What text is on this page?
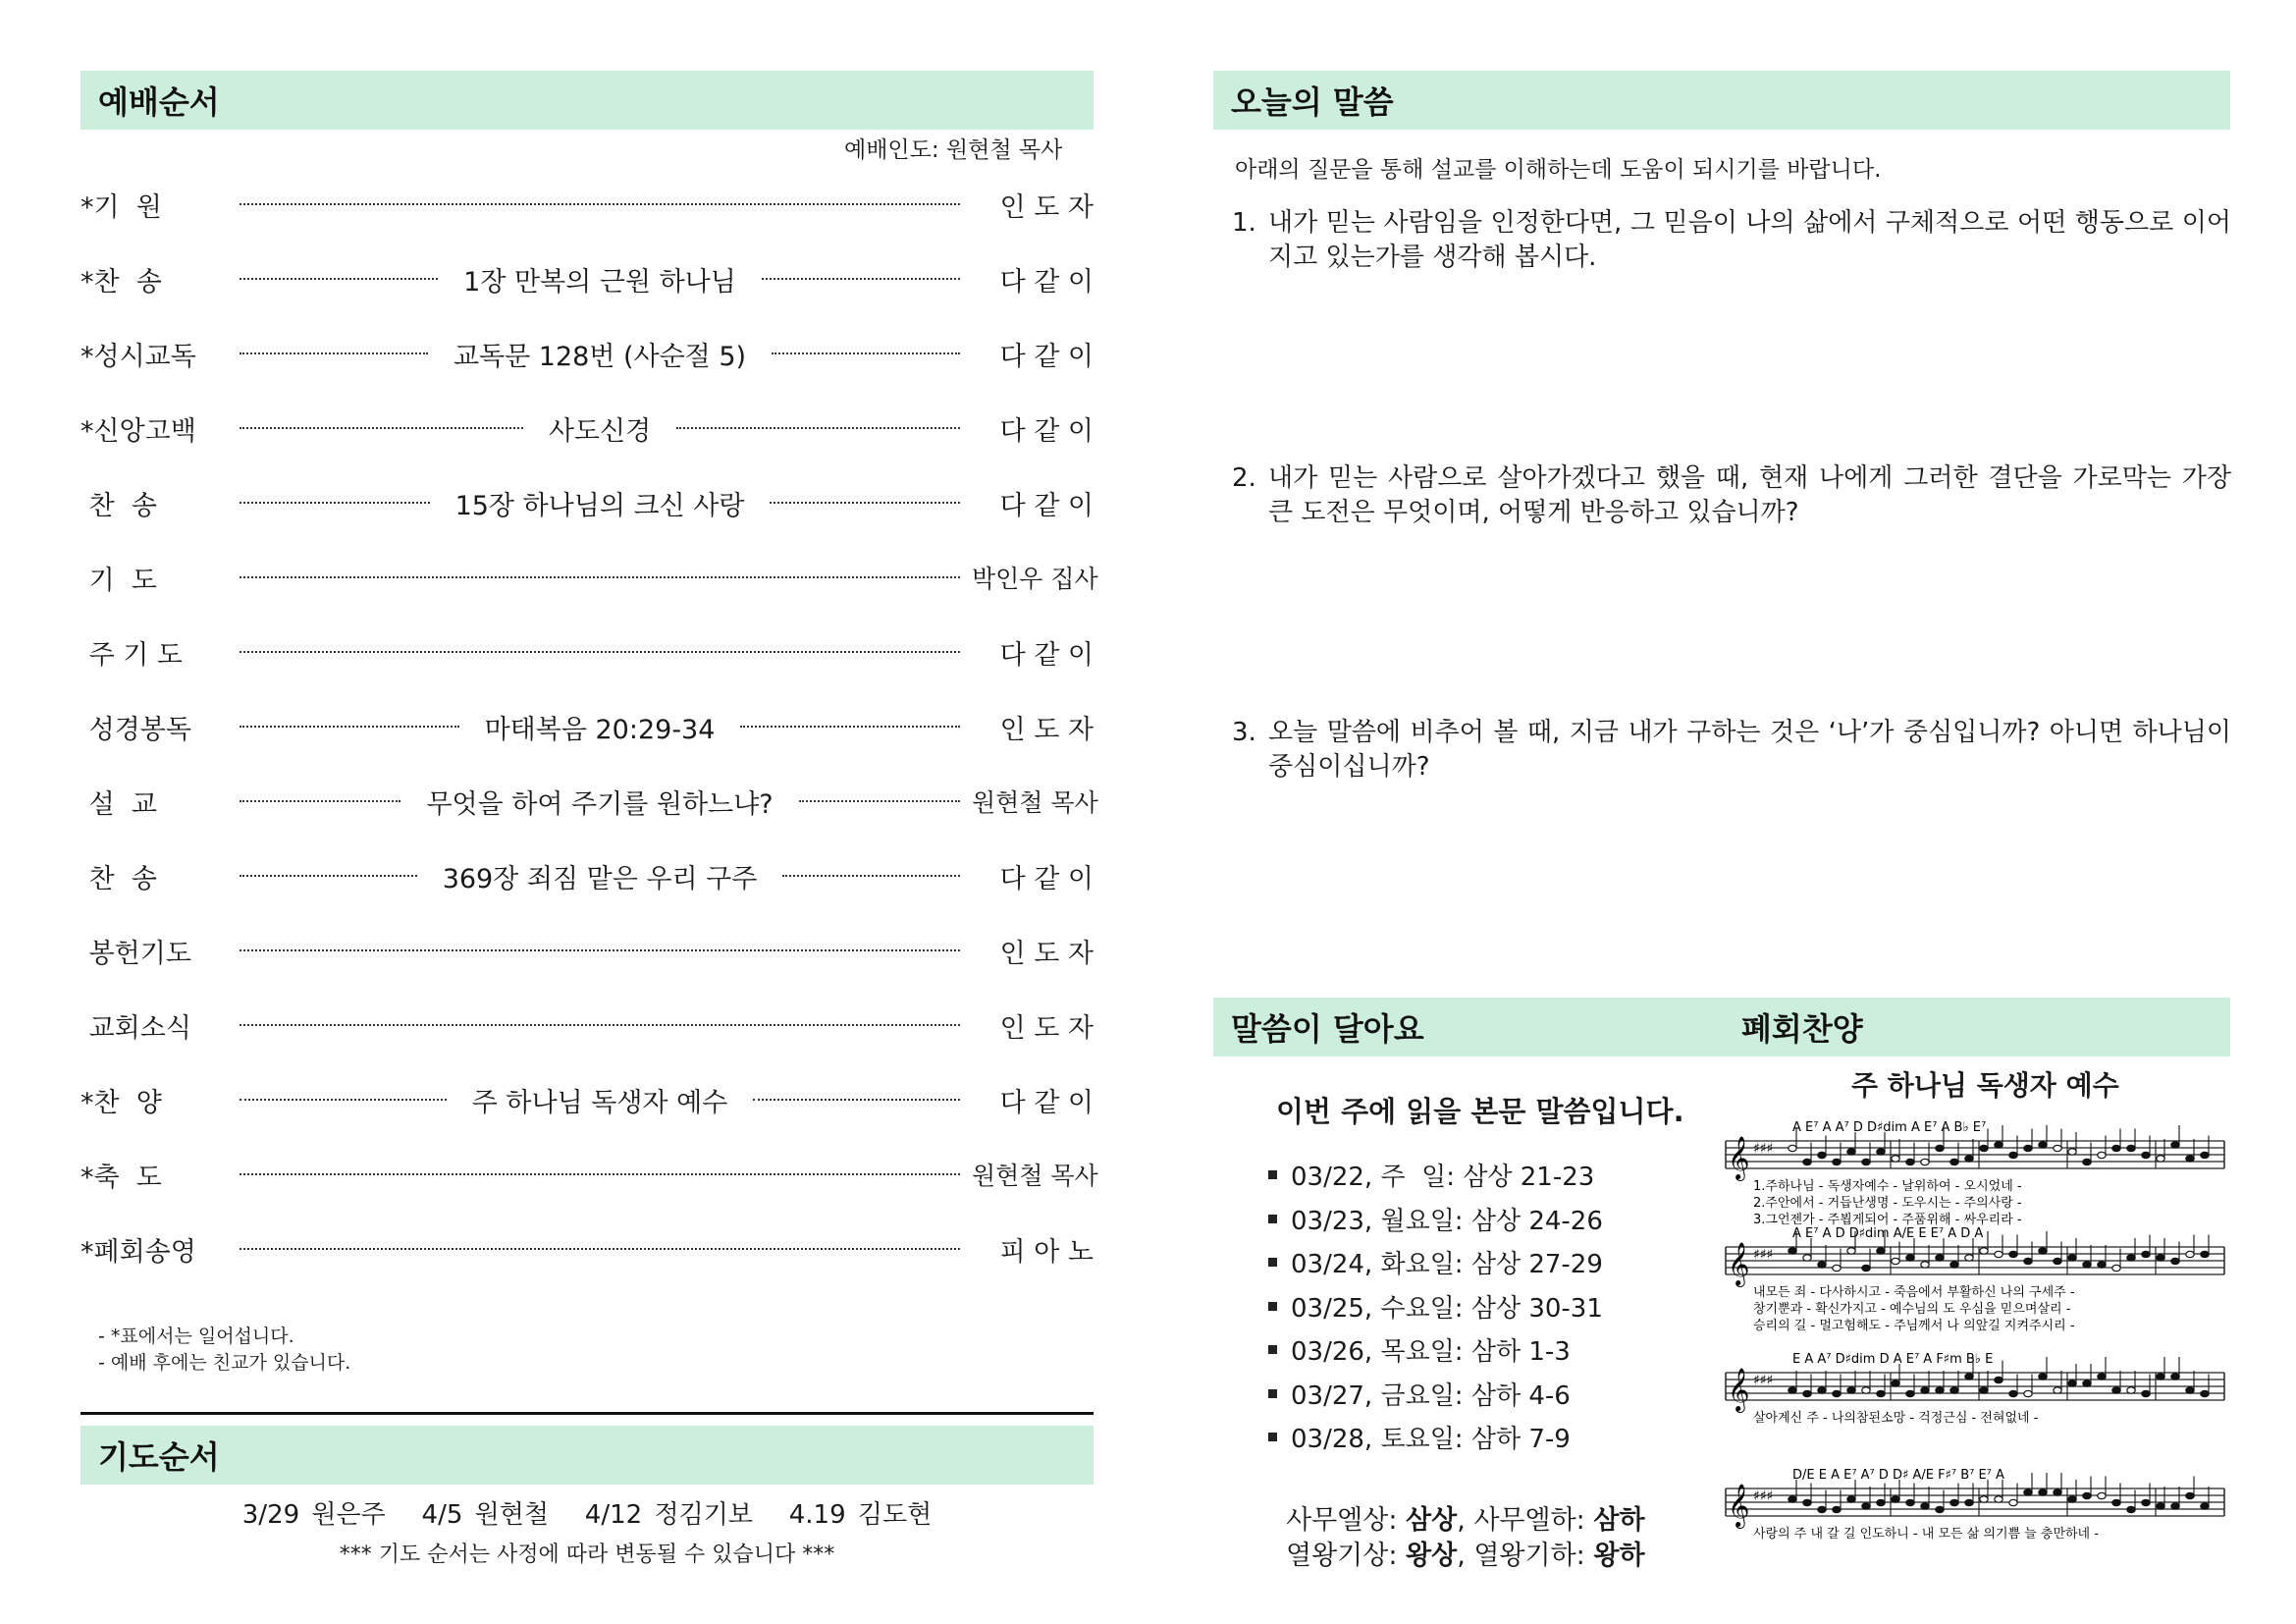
예배순서
예배인도: 원현철 목사
*기  원	인 도 자
*찬  송	1장 만복의 근원 하나님	다 같 이
*성시교독	교독문 128번 (사순절 5)	다 같 이
*신앙고백	사도신경	다 같 이
찬  송	15장 하나님의 크신 사랑	다 같 이
기  도	박인우 집사
주 기 도	다 같 이
성경봉독	마태복음 20:29-34	인 도 자
설  교	무엇을 하여 주기를 원하느냐?	원현철 목사
찬  송	369장 죄짐 맡은 우리 구주	다 같 이
봉헌기도	인 도 자
교회소식	인 도 자
*찬  양	주 하나님 독생자 예수	다 같 이
*축  도	원현철 목사
*폐회송영	피 아 노
- *표에서는 일어섭니다.
- 예배 후에는 친교가 있습니다.
기도순서
3/29 원은주   4/5 원현철   4/12 정김기보   4.19 김도현
*** 기도 순서는 사정에 따라 변동될 수 있습니다 ***
오늘의 말씀
아래의 질문을 통해 설교를 이해하는데 도움이 되시기를 바랍니다.
1. 내가 믿는 사람임을 인정한다면, 그 믿음이 나의 삶에서 구체적으로 어떤 행동으로 이어지고 있는가를 생각해 봅시다.
2. 내가 믿는 사람으로 살아가겠다고 했을 때, 현재 나에게 그러한 결단을 가로막는 가장 큰 도전은 무엇이며, 어떻게 반응하고 있습니까?
3. 오늘 말씀에 비추어 볼 때, 지금 내가 구하는 것은 ‘나’가 중심입니까? 아니면 하나님이 중심이십니까?
말씀이 달아요	폐회찬양
이번 주에 읽을 본문 말씀입니다.
03/22, 주  일: 삼상 21-23
03/23, 월요일: 삼상 24-26
03/24, 화요일: 삼상 27-29
03/25, 수요일: 삼상 30-31
03/26, 목요일: 삼하 1-3
03/27, 금요일: 삼하 4-6
03/28, 토요일: 삼하 7-9
사무엘상: 삼상, 사무엘하: 삼하
열왕기상: 왕상, 열왕기하: 왕하
주 하나님 독생자 예수
A E⁷ A A⁷ D D♯dim A E⁷ A B♭ E⁷
𝄞 ♯♯♯
1.주하나님 - 독생자예수 - 날위하여 - 오시었네 -
2.주안에서 - 거듭난생명 - 도우시는 - 주의사랑 -
3.그언젠가 - 주뵙게되어 - 주품위해 - 싸우리라 -
A E⁷ A D D♯dim A/E E E⁷ A D A
𝄞 ♯♯♯
내모든 죄 - 다사하시고 - 죽음에서 부활하신 나의 구세주 -
창기뿐과 - 확신가지고 - 예수님의 도 우심을 믿으며살리 -
승리의 길 - 멀고험해도 - 주님께서 나 의앞길 지켜주시리 -
E A A⁷ D♯dim D A E⁷ A F♯m B♭ E
𝄞 ♯♯♯
살아계신 주 - 나의참된소망 - 걱정근심 - 전혀없네 -
D/E E A E⁷ A⁷ D D♯ A/E F♯⁷ B⁷ E⁷ A
𝄞 ♯♯♯
사랑의 주 내 갈 길 인도하니 - 내 모든 삶 의기쁨 늘 충만하네 -
